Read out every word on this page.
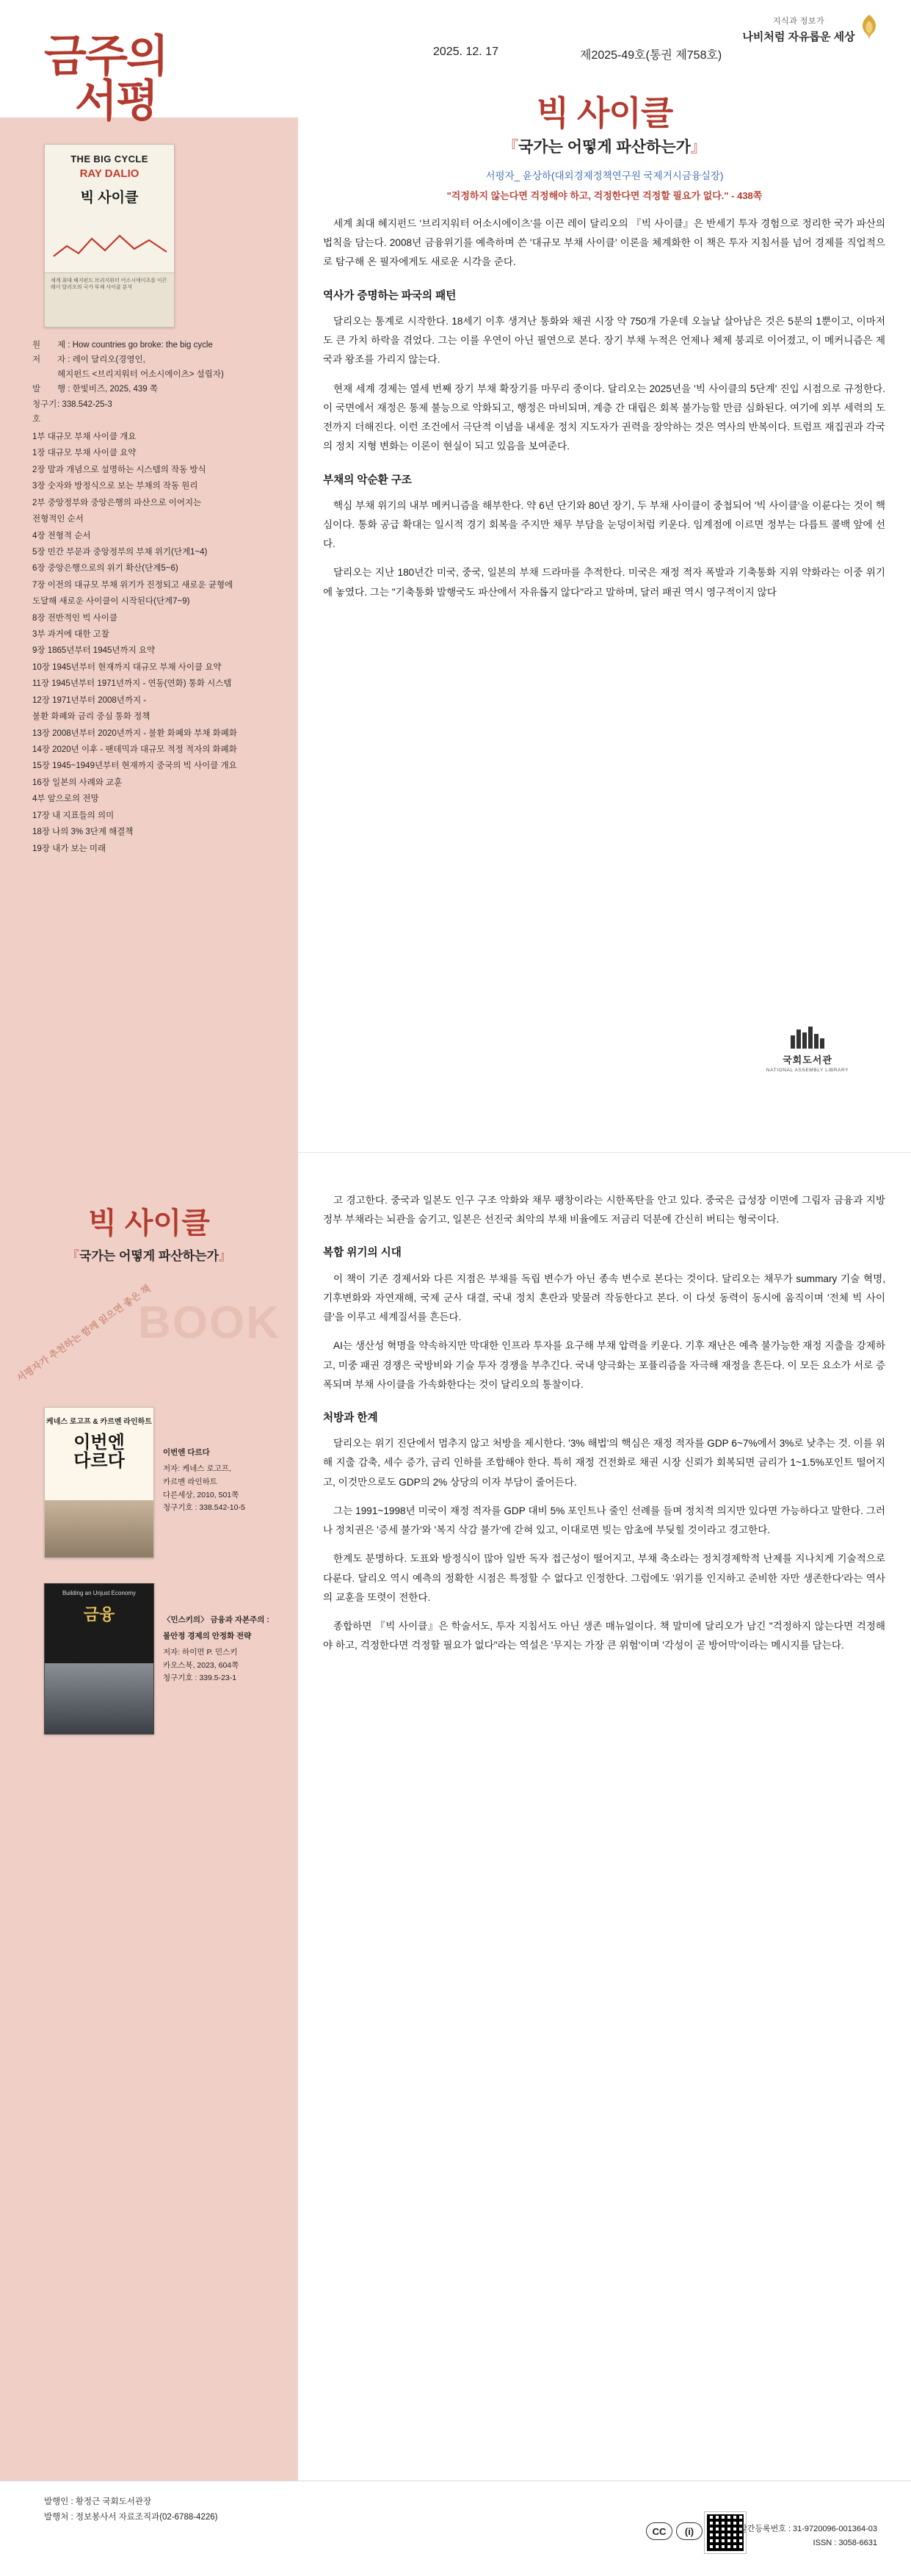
금주의
서평
2025. 12. 17	제2025-49호(통권 제758호)
지식과 정보가
나비처럼 자유롭운 세상
THE BIG CYCLE
RAY DALIO
빅 사이클
세계 최대 헤지펀드 브리지워터 어소시에이츠를 이끈 레이 달리오의 국가 부채 사이클 분석
원	제 : How countries go broke: the big cycle
저	자 : 레이 달리오(경영인,
헤지펀드 <브리지워터 어소시에이츠> 설립자)
발	행 : 한빛비즈, 2025, 439 쪽
청구기호
: 338.542-25-3
1부 대규모 부채 사이클 개요
1장 대규모 부채 사이클 요약
2장 말과 개념으로 설명하는 시스템의 작동 방식
3장 숫자와 방정식으로 보는 부채의 작동 원리
2부 중앙정부와 중앙은행의 파산으로 이어지는
전형적인 순서
4장 전형적 순서
5장 민간 부문과 중앙정부의 부채 위기(단계1~4)
6장 중앙은행으로의 위기 확산(단계5~6)
7장 이전의 대규모 부채 위기가 진정되고 새로운 균형에
도달해 새로운 사이클이 시작된다(단계7~9)
8장 전반적인 빅 사이클
3부 과거에 대한 고찰
9장 1865년부터 1945년까지 요약
10장 1945년부터 현재까지 대규모 부채 사이클 요약
11장 1945년부터 1971년까지 - 연동(연화) 통화 시스템
12장 1971년부터 2008년까지 -
불환 화폐와 금리 중심 통화 정책
13장 2008년부터 2020년까지 - 불환 화폐와 부채 화폐화
14장 2020년 이후 - 팬데믹과 대규모 적정 적자의 화폐화
15장 1945~1949년부터 현재까지 중국의 빅 사이클 개요
16장 일본의 사례와 교훈
4부 앞으로의 전망
17장 내 지표들의 의미
18장 나의 3% 3단계 해결책
19장 내가 보는 미래
빅 사이클
『국가는 어떻게 파산하는가』
서평자_ 윤상하(대외경제정책연구원 국제거시금융실장)
"걱정하지 않는다면 걱정해야 하고, 걱정한다면 걱정할 필요가 없다." - 438쪽

세계 최대 헤지펀드 '브리지워터 어소시에이츠'를 이끈 레이 달리오의 『빅 사이클』은 반세기 투자 경험으로 정리한 국가 파산의 법칙을 담는다. 2008년 금융위기를 예측하며 쓴 '대규모 부채 사이클' 이론을 체계화한 이 책은 투자 지침서를 넘어 경제를 직업적으로 탐구해 온 필자에게도 새로운 시각을 준다.

역사가 증명하는 파국의 패턴

달리오는 통계로 시작한다. 18세기 이후 생겨난 통화와 채권 시장 약 750개 가운데 오늘날 살아남은 것은 5분의 1뿐이고, 이마저도 큰 가치 하락을 겪었다. 그는 이를 우연이 아닌 필연으로 본다. 장기 부채 누적은 언제나 체제 붕괴로 이어졌고, 이 메커니즘은 제국과 왕조를 가리지 않는다.

현재 세계 경제는 열세 번째 장기 부채 확장기를 마무리 중이다. 달리오는 2025년을 '빅 사이클의 5단계' 진입 시점으로 규정한다. 이 국면에서 재정은 통제 불능으로 악화되고, 행정은 마비되며, 계층 간 대립은 회복 불가능할 만큼 심화된다. 여기에 외부 세력의 도전까지 더해진다. 이런 조건에서 극단적 이념을 내세운 정치 지도자가 권력을 장악하는 것은 역사의 반복이다. 트럼프 재집권과 각국의 정치 지형 변화는 이론이 현실이 되고 있음을 보여준다.

부채의 악순환 구조

핵심 부채 위기의 내부 메커니즘을 해부한다. 약 6년 단기와 80년 장기, 두 부채 사이클이 중첩되어 '빅 사이클'을 이룬다는 것이 핵심이다. 통화 공급 확대는 일시적 경기 회복을 주지만 채무 부담을 눈덩이처럼 키운다. 임계점에 이르면 정부는 다릅트 콜백 앞에 선다.

달리오는 지난 180년간 미국, 중국, 일본의 부채 드라마를 추적한다. 미국은 재정 적자 폭발과 기축통화 지위 약화라는 이중 위기에 놓였다. 그는 "기축통화 발행국도 파산에서 자유롭지 않다"라고 말하며, 달러 패권 역시 영구적이지 않다

국회도서관
NATIONAL ASSEMBLY LIBRARY
빅 사이클
『국가는 어떻게 파산하는가』
BOOK
서평자가 추천하는 함께 읽으면 좋은 책
케네스 로고프 & 카르멘 라인하트
이번엔
다르다	이번엔 다르다
저자: 케네스 로고프,
카르멘 라인하트
다른세상, 2010, 501쪽
청구기호 : 338.542-10-5
Building an Unjust Economy
금융	〈민스키의〉 금융과 자본주의 :
불안정 경제의 안정화 전략
저자: 하이먼 P. 민스키
카오스북, 2023, 604쪽
청구기호 : 339.5-23-1

고 경고한다. 중국과 일본도 인구 구조 악화와 채무 팽창이라는 시한폭탄을 안고 있다. 중국은 급성장 이면에 그림자 금융과 지방정부 부채라는 뇌관을 숨기고, 일본은 선진국 최악의 부채 비율에도 저금리 덕분에 간신히 버티는 형국이다.

복합 위기의 시대

이 책이 기존 경제서와 다른 지점은 부채를 독립 변수가 아닌 종속 변수로 본다는 것이다. 달리오는 채무가 summary 기술 혁명, 기후변화와 자연재해, 국제 군사 대결, 국내 정치 혼란과 맞물려 작동한다고 본다. 이 다섯 동력이 동시에 움직이며 '전체 빅 사이클'을 이루고 세계질서를 흔든다.

AI는 생산성 혁명을 약속하지만 막대한 인프라 투자를 요구해 부채 압력을 키운다. 기후 재난은 예측 불가능한 재정 지출을 강제하고, 미중 패권 경쟁은 국방비와 기술 투자 경쟁을 부추긴다. 국내 양극화는 포퓰리즘을 자극해 재정을 흔든다. 이 모든 요소가 서로 증폭되며 부채 사이클을 가속화한다는 것이 달리오의 통찰이다.

처방과 한계

달리오는 위기 진단에서 멈추지 않고 처방을 제시한다. '3% 해법'의 핵심은 재정 적자를 GDP 6~7%에서 3%로 낮추는 것. 이를 위해 지출 감축, 세수 증가, 금리 인하를 조합해야 한다. 특히 재정 건전화로 채권 시장 신뢰가 회복되면 금리가 1~1.5%포인트 떨어지고, 이것만으로도 GDP의 2% 상당의 이자 부담이 줄어든다.

그는 1991~1998년 미국이 재정 적자를 GDP 대비 5% 포인트나 줄인 선례를 들며 정치적 의지만 있다면 가능하다고 말한다. 그러나 정치권은 '증세 불가'와 '복지 삭감 불가'에 갇혀 있고, 이대로면 빚는 암초에 부딪힐 것이라고 경고한다.

한계도 분명하다. 도표와 방정식이 많아 일반 독자 접근성이 떨어지고, 부채 축소라는 정치경제학적 난제를 지나치게 기술적으로 다룬다. 달리오 역시 예측의 정확한 시점은 특정할 수 없다고 인정한다. 그럼에도 '위기를 인지하고 준비한 자만 생존한다'라는 역사의 교훈을 또렷이 전한다.

종합하면 『빅 사이클』은 학술서도, 투자 지침서도 아닌 생존 매뉴얼이다. 책 말미에 달리오가 남긴 "걱정하지 않는다면 걱정해야 하고, 걱정한다면 걱정할 필요가 없다"라는 역설은 '무지는 가장 큰 위험'이며 '각성이 곧 방어막'이라는 메시지를 담는다.

발행인 : 황정근 국회도서관장
발행처 : 정보봉사서 자료조직과(02-6788-4226)
CC	(i)	발간등록번호 : 31-9720096-001364-03
ISSN : 3058-6631
